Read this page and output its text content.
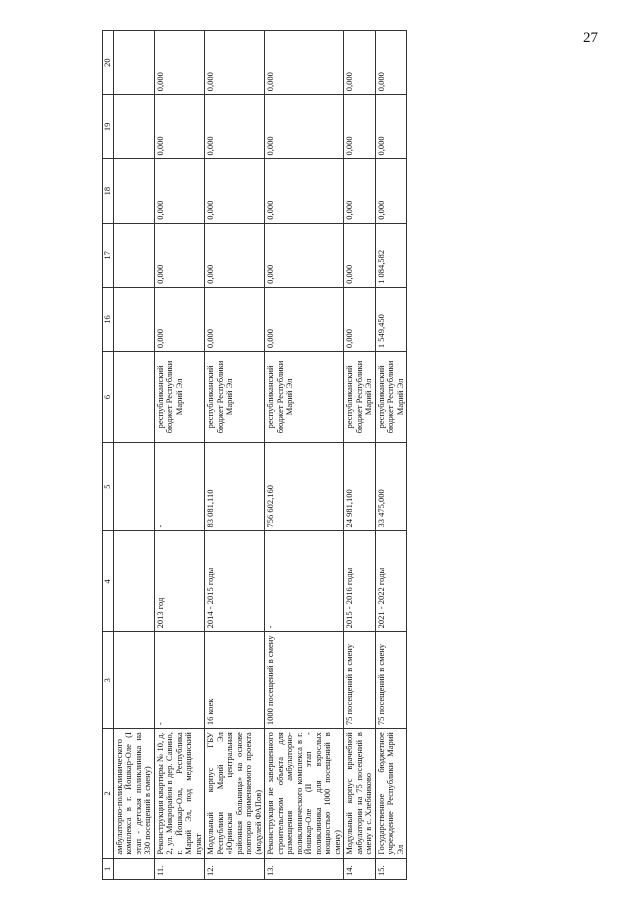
27
1	2	3	4	5	6	16	17	18	19	20
	амбулаторно-поликлинического комплекса в г. Йошкар-Оле (I этап - детская поликлиника на 330 посещений в смену)									
11.	Реконструкция квартиры № 10, д. 2, ул. Микрорайон в дер. Савино, г. Йошкар-Ола, Республика Марий Эл, под медицинский пункт	-	2013 год	-	республиканский бюджет Республики Марий Эл	0,000	0,000	0,000	0,000	0,000
12.	Модульный корпус ГБУ Республики Марий Эл «Юринская центральная районная больница» на основе повторно применяемого проекта (модулей ФАПов)	16 коек	2014 - 2015 годы	83 081,110	республиканский бюджет Республики Марий Эл	0,000	0,000	0,000	0,000	0,000
13.	Реконструкция не завершенного строительством объекта для размещения амбулаторно-поликлинического комплекса в г. Йошкар-Оле (II этап - поликлиника для взрослых мощностью 1000 посещений в смену)	1000 посещений в смену	-	756 602,160	республиканский бюджет Республики Марий Эл	0,000	0,000	0,000	0,000	0,000
14.	Модульный корпус врачебной амбулатории на 75 посещений в смену в с. Хлебниково	75 посещений в смену	2015 - 2016 годы	24 981,100	республиканский бюджет Республики Марий Эл	0,000	0,000	0,000	0,000	0,000
15.	Государственное бюджетное учреждение Республики Марий Эл	75 посещений в смену	2021 - 2022 годы	33 475,000	республиканский бюджет Республики Марий Эл	1 549,450	1 084,582	0,000	0,000	0,000
